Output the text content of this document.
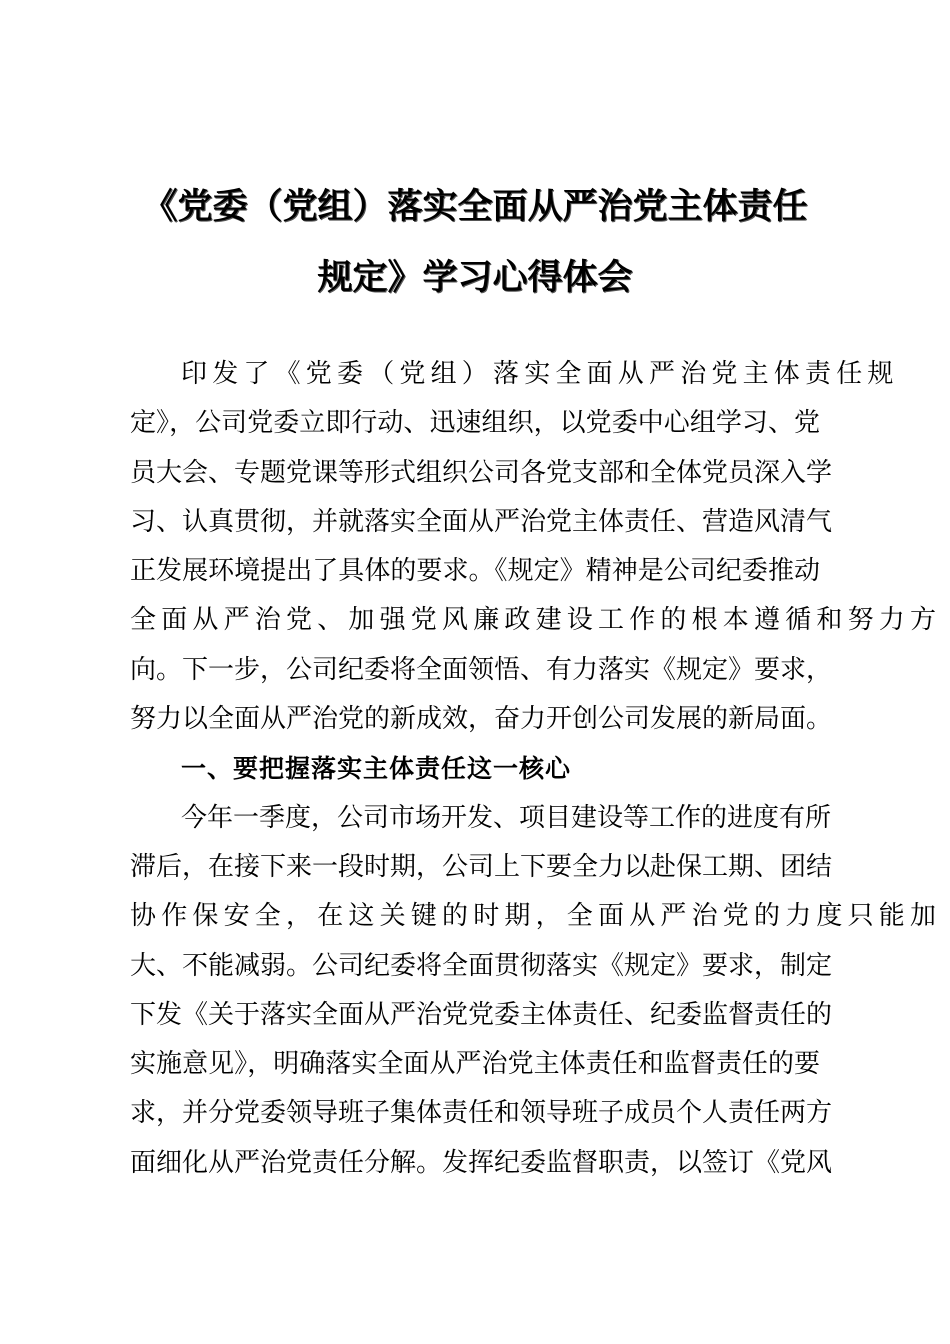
《党委（党组）落实全面从严治党主体责任
规定》学习心得体会
印发了《党委（党组）落实全面从严治党主体责任规
定》，公司党委立即行动、迅速组织，以党委中心组学习、党
员大会、专题党课等形式组织公司各党支部和全体党员深入学
习、认真贯彻，并就落实全面从严治党主体责任、营造风清气
正发展环境提出了具体的要求。《规定》精神是公司纪委推动
全面从严治党、加强党风廉政建设工作的根本遵循和努力方
向。下一步，公司纪委将全面领悟、有力落实《规定》要求，
努力以全面从严治党的新成效，奋力开创公司发展的新局面。
一、要把握落实主体责任这一核心
今年一季度，公司市场开发、项目建设等工作的进度有所
滞后，在接下来一段时期，公司上下要全力以赴保工期、团结
协作保安全，在这关键的时期，全面从严治党的力度只能加
大、不能减弱。公司纪委将全面贯彻落实《规定》要求，制定
下发《关于落实全面从严治党党委主体责任、纪委监督责任的
实施意见》，明确落实全面从严治党主体责任和监督责任的要
求，并分党委领导班子集体责任和领导班子成员个人责任两方
面细化从严治党责任分解。发挥纪委监督职责，以签订《党风
